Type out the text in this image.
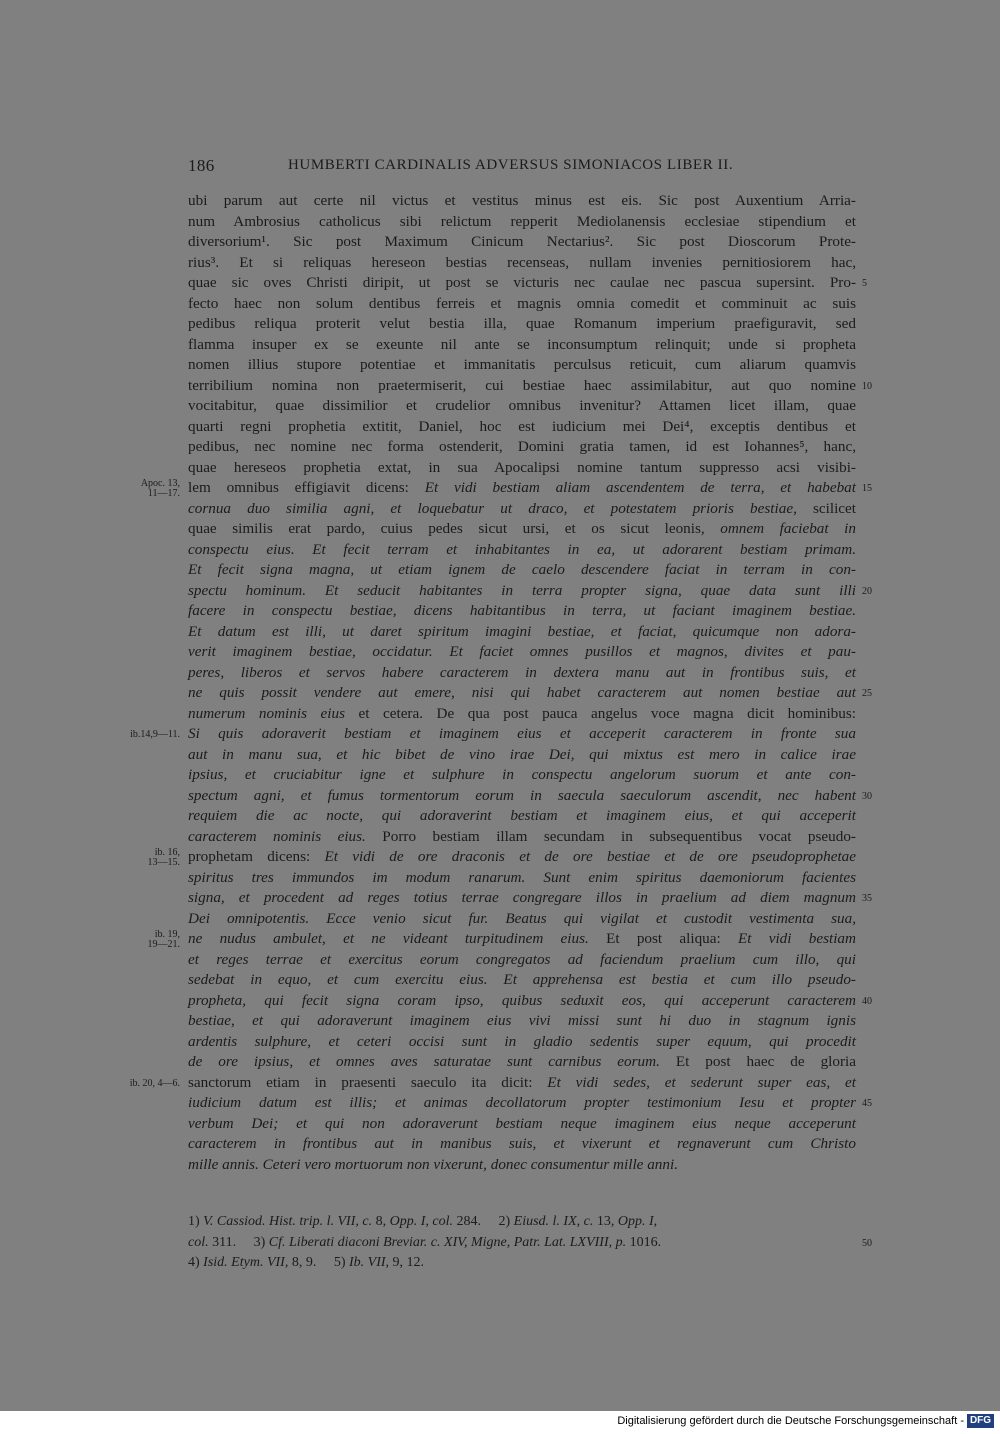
186	HUMBERTI CARDINALIS ADVERSUS SIMONIACOS LIBER II.
ubi parum aut certe nil victus et vestitus minus est eis. Sic post Auxentium Arria-
num Ambrosius catholicus sibi relictum repperit Mediolanensis ecclesiae stipendium et
diversorium¹. Sic post Maximum Cinicum Nectarius². Sic post Dioscorum Prote-
rius³. Et si reliquas hereseon bestias recenseas, nullam invenies pernitiosiorem hac,
quae sic oves Christi diripit, ut post se victuris nec caulae nec pascua supersint. Pro-
fecto haec non solum dentibus ferreis et magnis omnia comedit et comminuit ac suis
pedibus reliqua proterit velut bestia illa, quae Romanum imperium praefiguravit, sed
flamma insuper ex se exeunte nil ante se inconsumptum relinquit; unde si propheta
nomen illius stupore potentiae et immanitatis perculsus reticuit, cum aliarum quamvis
terribilium nomina non praetermiserit, cui bestiae haec assimilabitur, aut quo nomine
vocitabitur, quae dissimilior et crudelior omnibus invenitur? Attamen licet illam, quae
quarti regni prophetia extitit, Daniel, hoc est iudicium mei Dei⁴, exceptis dentibus et
pedibus, nec nomine nec forma ostenderit, Domini gratia tamen, id est Iohannes⁵, hanc,
quae hereseos prophetia extat, in sua Apocalipsi nomine tantum suppresso acsi visibi-
lem omnibus effigiavit dicens: Et vidi bestiam aliam ascendentem de terra, et habebat
cornua duo similia agni, et loquebatur ut draco, et potestatem prioris bestiae, scilicet
quae similis erat pardo, cuius pedes sicut ursi, et os sicut leonis, omnem faciebat in
conspectu eius. Et fecit terram et inhabitantes in ea, ut adorarent bestiam primam.
Et fecit signa magna, ut etiam ignem de caelo descendere faciat in terram in con-
spectu hominum. Et seducit habitantes in terra propter signa, quae data sunt illi
facere in conspectu bestiae, dicens habitantibus in terra, ut faciant imaginem bestiae.
Et datum est illi, ut daret spiritum imagini bestiae, et faciat, quicumque non adora-
verit imaginem bestiae, occidatur. Et faciet omnes pusillos et magnos, divites et pau-
peres, liberos et servos habere caracterem in dextera manu aut in frontibus suis, et
ne quis possit vendere aut emere, nisi qui habet caracterem aut nomen bestiae aut
numerum nominis eius et cetera. De qua post pauca angelus voce magna dicit hominibus:
Si quis adoraverit bestiam et imaginem eius et acceperit caracterem in fronte sua
aut in manu sua, et hic bibet de vino irae Dei, qui mixtus est mero in calice irae
ipsius, et cruciabitur igne et sulphure in conspectu angelorum suorum et ante con-
spectum agni, et fumus tormentorum eorum in saecula saeculorum ascendit, nec habent
requiem die ac nocte, qui adoraverint bestiam et imaginem eius, et qui acceperit
caracterem nominis eius. Porro bestiam illam secundam in subsequentibus vocat pseudo-
prophetam dicens: Et vidi de ore draconis et de ore bestiae et de ore pseudoprophetae
spiritus tres immundos im modum ranarum. Sunt enim spiritus daemoniorum facientes
signa, et procedent ad reges totius terrae congregare illos in praelium ad diem magnum
Dei omnipotentis. Ecce venio sicut fur. Beatus qui vigilat et custodit vestimenta sua,
ne nudus ambulet, et ne videant turpitudinem eius. Et post aliqua: Et vidi bestiam
et reges terrae et exercitus eorum congregatos ad faciendum praelium cum illo, qui
sedebat in equo, et cum exercitu eius. Et apprehensa est bestia et cum illo pseudo-
propheta, qui fecit signa coram ipso, quibus seduxit eos, qui acceperunt caracterem
bestiae, et qui adoraverunt imaginem eius vivi missi sunt hi duo in stagnum ignis
ardentis sulphure, et ceteri occisi sunt in gladio sedentis super equum, qui procedit
de ore ipsius, et omnes aves saturatae sunt carnibus eorum. Et post haec de gloria
sanctorum etiam in praesenti saeculo ita dicit: Et vidi sedes, et sederunt super eas, et
iudicium datum est illis; et animas decollatorum propter testimonium Iesu et propter
verbum Dei; et qui non adoraverunt bestiam neque imaginem eius neque acceperunt
caracterem in frontibus aut in manibus suis, et vixerunt et regnaverunt cum Christo
mille annis. Ceteri vero mortuorum non vixerunt, donec consumentur mille anni.
5
10
15
20
25
30
35
40
45
50
Apoc. 13,
11—17.
ib.14,9—11.
ib. 16,
13—15.
ib. 19,
19—21.
ib. 20, 4—6.
1) V. Cassiod. Hist. trip. l. VII, c. 8, Opp. I, col. 284.     2) Eiusd. l. IX, c. 13, Opp. I,
col. 311.     3) Cf. Liberati diaconi Breviar. c. XIV, Migne, Patr. Lat. LXVIII, p. 1016.
4) Isid. Etym. VII, 8, 9.     5) Ib. VII, 9, 12.
Digitalisierung gefördert durch die Deutsche Forschungsgemeinschaft - DFG
